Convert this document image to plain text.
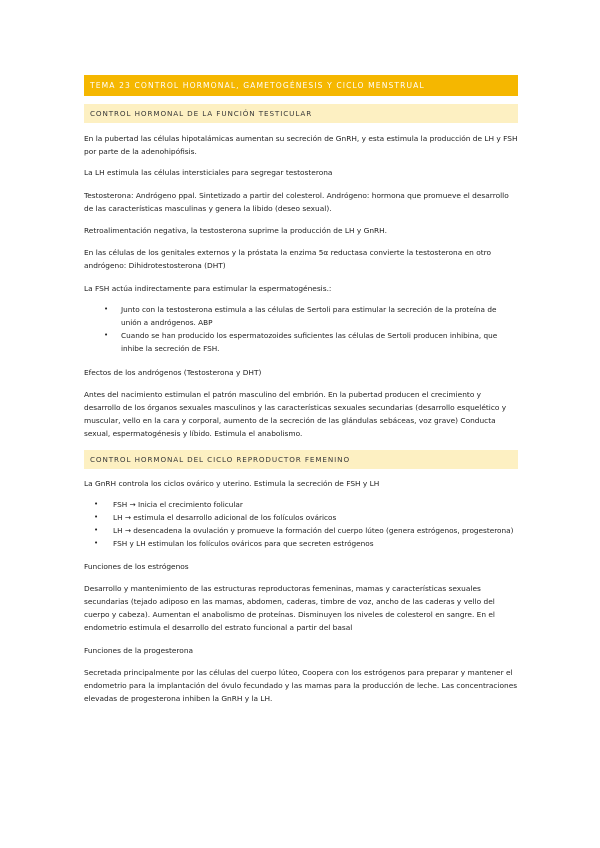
TEMA 23 CONTROL HORMONAL, GAMETOGÉNESIS Y CICLO MENSTRUAL
CONTROL HORMONAL DE LA FUNCIÓN TESTICULAR

En la pubertad las células hipotalámicas aumentan su secreción de GnRH, y esta estimula la producción de LH y FSH por parte de la adenohipófisis.

La LH estimula las células intersticiales para segregar testosterona

Testosterona: Andrógeno ppal. Sintetizado a partir del colesterol. Andrógeno: hormona que promueve el desarrollo de las características masculinas y genera la libido (deseo sexual).

Retroalimentación negativa, la testosterona suprime la producción de LH y GnRH.

En las células de los genitales externos y la próstata la enzima 5α reductasa convierte la testosterona en otro andrógeno: Dihidrotestosterona (DHT)

La FSH actúa indirectamente para estimular la espermatogénesis.:

• Junto con la testosterona estimula a las células de Sertoli para estimular la secreción de la proteína de unión a andrógenos. ABP
• Cuando se han producido los espermatozoides suficientes las células de Sertoli producen inhibina, que inhibe la secreción de FSH.

Efectos de los andrógenos (Testosterona y DHT)

Antes del nacimiento estimulan el patrón masculino del embrión. En la pubertad producen el crecimiento y desarrollo de los órganos sexuales masculinos y las características sexuales secundarias (desarrollo esquelético y muscular, vello en la cara y corporal, aumento de la secreción de las glándulas sebáceas, voz grave) Conducta sexual, espermatogénesis y líbido. Estimula el anabolismo.

CONTROL HORMONAL DEL CICLO REPRODUCTOR FEMENINO

La GnRH controla los ciclos ovárico y uterino. Estimula la secreción de FSH y LH

• FSH → Inicia el crecimiento folicular
• LH → estimula el desarrollo adicional de los folículos ováricos
• LH → desencadena la ovulación y promueve la formación del cuerpo lúteo (genera estrógenos, progesterona)
• FSH y LH estimulan los folículos ováricos para que secreten estrógenos

Funciones de los estrógenos

Desarrollo y mantenimiento de las estructuras reproductoras femeninas, mamas y características sexuales secundarias (tejado adiposo en las mamas, abdomen, caderas, timbre de voz, ancho de las caderas y vello del cuerpo y cabeza). Aumentan el anabolismo de proteínas. Disminuyen los niveles de colesterol en sangre. En el endometrio estimula el desarrollo del estrato funcional a partir del basal

Funciones de la progesterona

Secretada principalmente por las células del cuerpo lúteo, Coopera con los estrógenos para preparar y mantener el endometrio para la implantación del óvulo fecundado y las mamas para la producción de leche. Las concentraciones elevadas de progesterona inhiben la GnRH y la LH.
